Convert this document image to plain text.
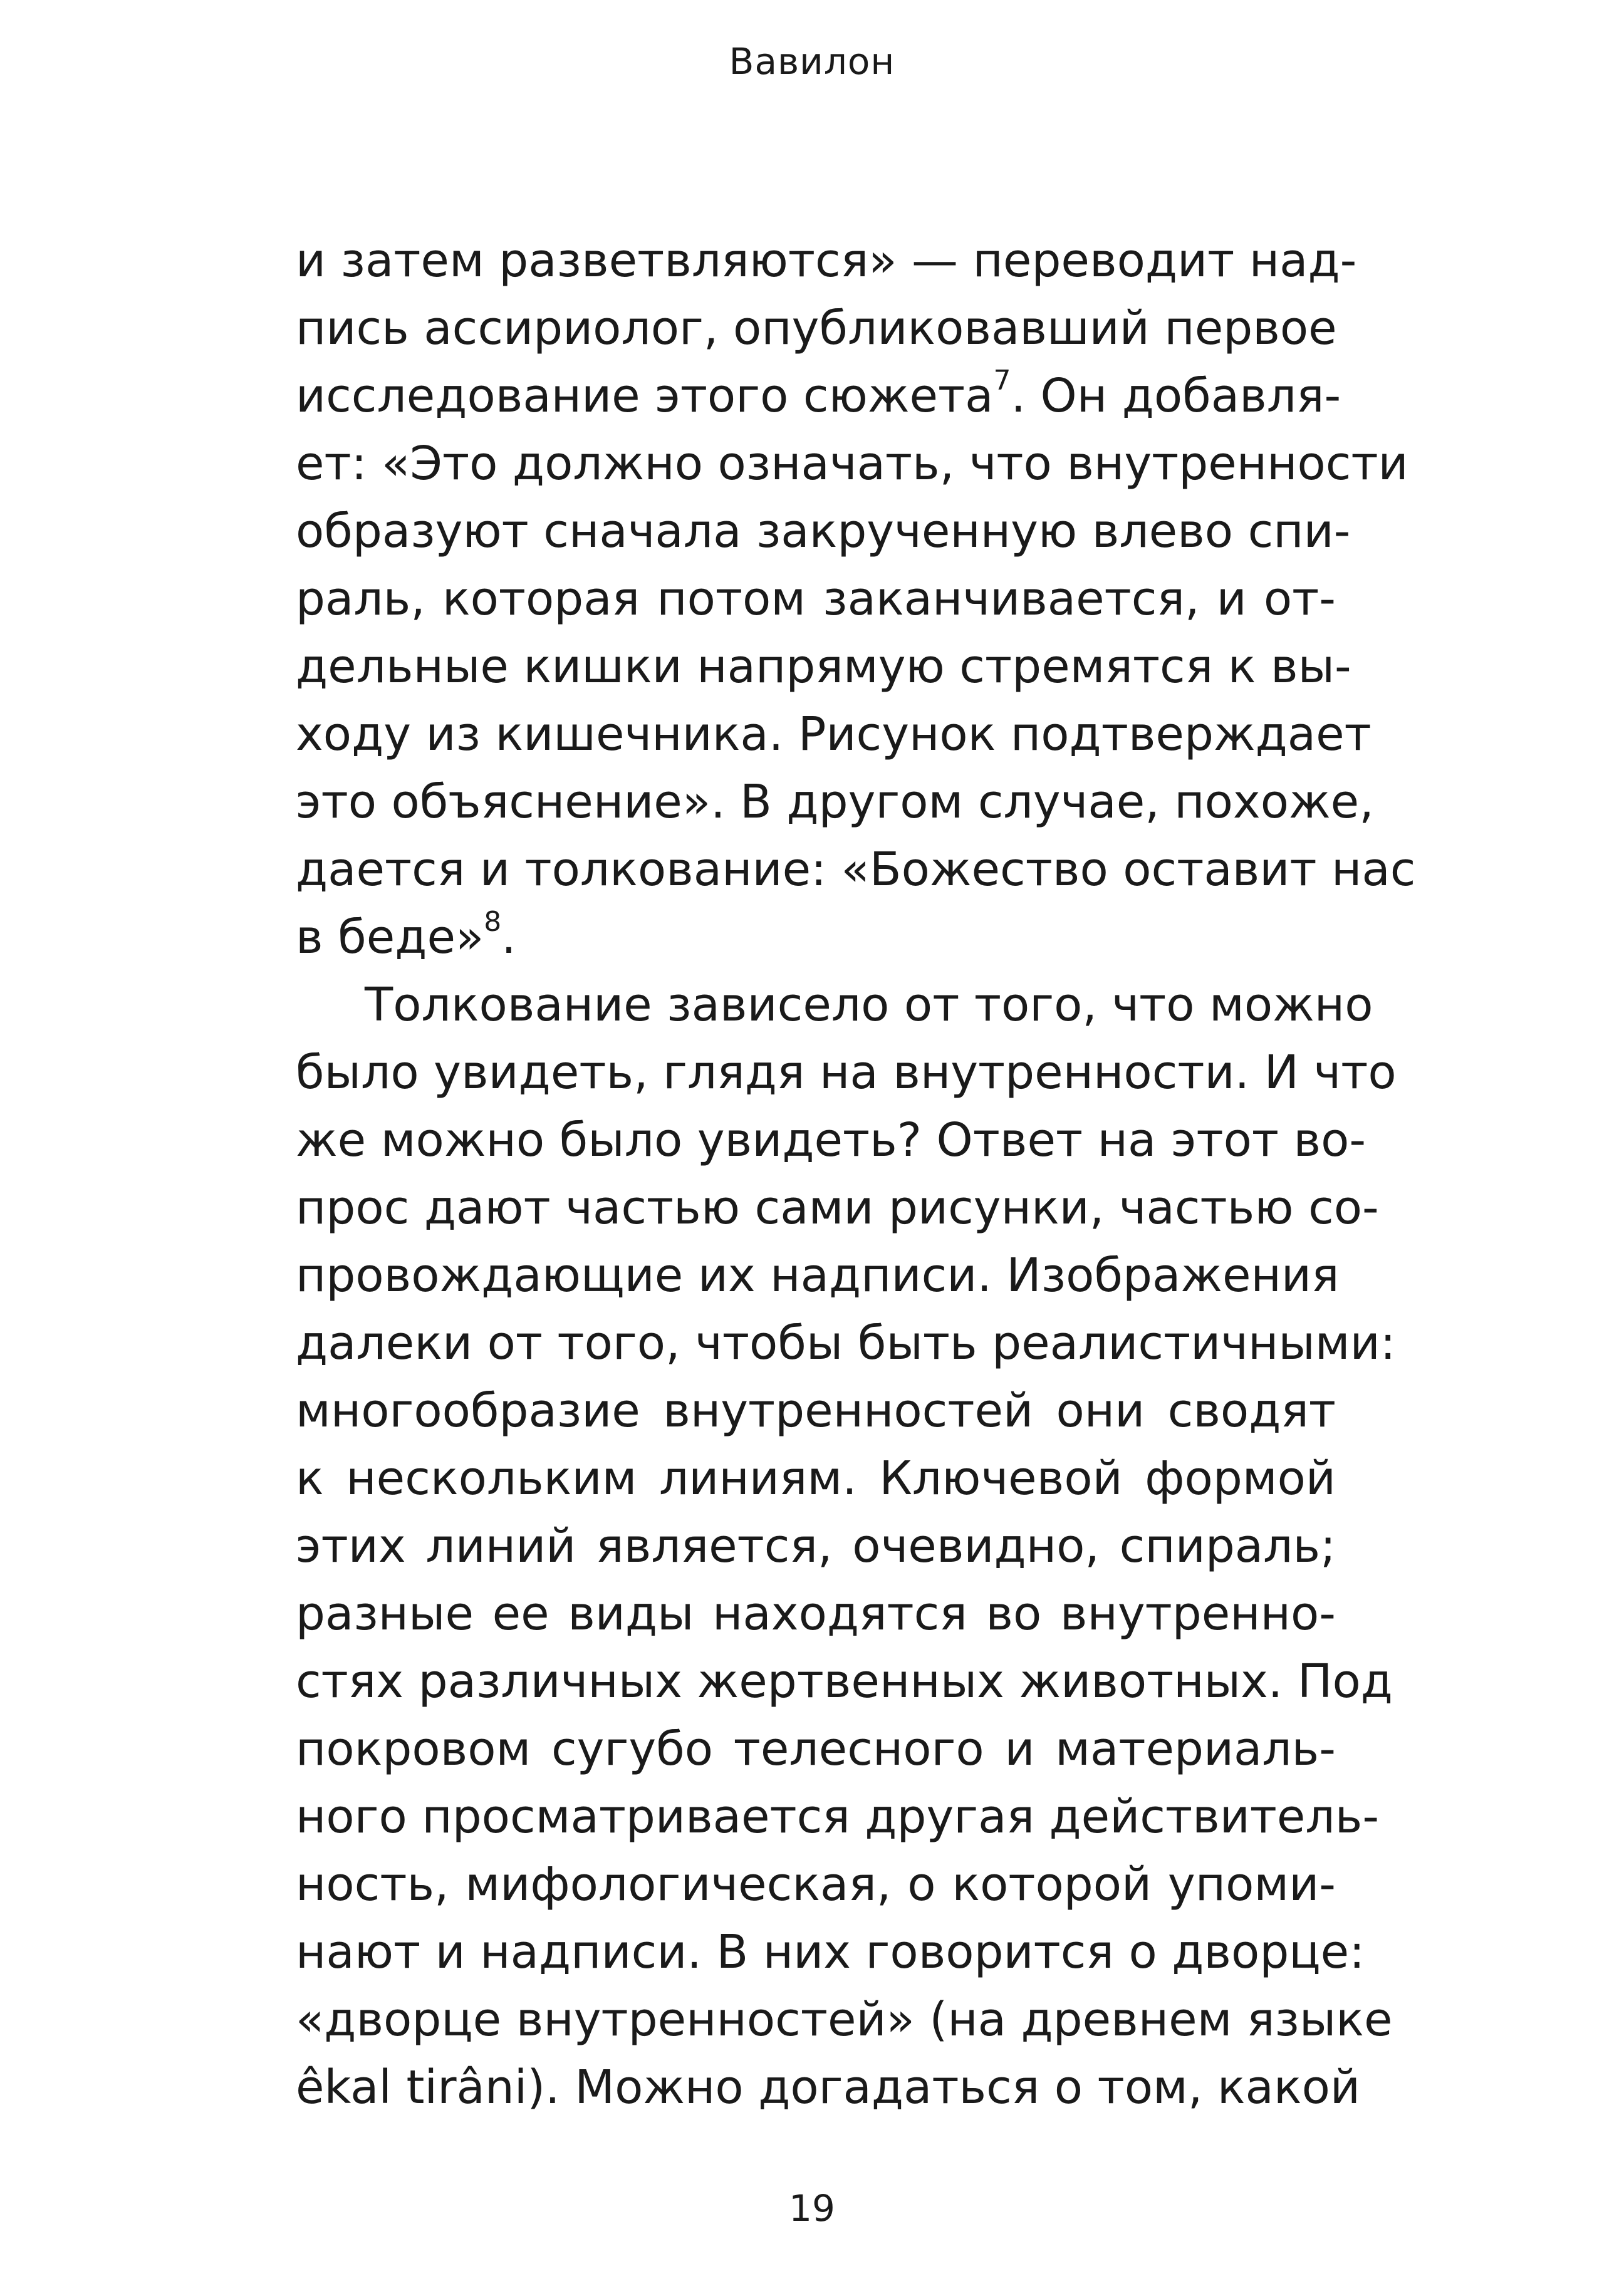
Вавилон
и затем разветвляются» — переводит над-
пись ассириолог, опубликовавший первое
исследование этого сюжета$^7$. Он добавля-
ет: «Это должно означать, что внутренности
образуют сначала закрученную влево спи-
раль, которая потом заканчивается, и от-
дельные кишки напрямую стремятся к вы-
ходу из кишечника. Рисунок подтверждает
это объяснение». В другом случае, похоже,
дается и толкование: «Божество оставит нас
в беде»$^8$.
Толкование зависело от того, что можно
было увидеть, глядя на внутренности. И что
же можно было увидеть? Ответ на этот во-
прос дают частью сами рисунки, частью со-
провождающие их надписи. Изображения
далеки от того, чтобы быть реалистичными:
многообразие внутренностей они сводят
к нескольким линиям. Ключевой формой
этих линий является, очевидно, спираль;
разные ее виды находятся во внутренно-
стях различных жертвенных животных. Под
покровом сугубо телесного и материаль-
ного просматривается другая действитель-
ность, мифологическая, о которой упоми-
нают и надписи. В них говорится о дворце:
«дворце внутренностей» (на древнем языке
êkal tirâni). Можно догадаться о том, какой
19
